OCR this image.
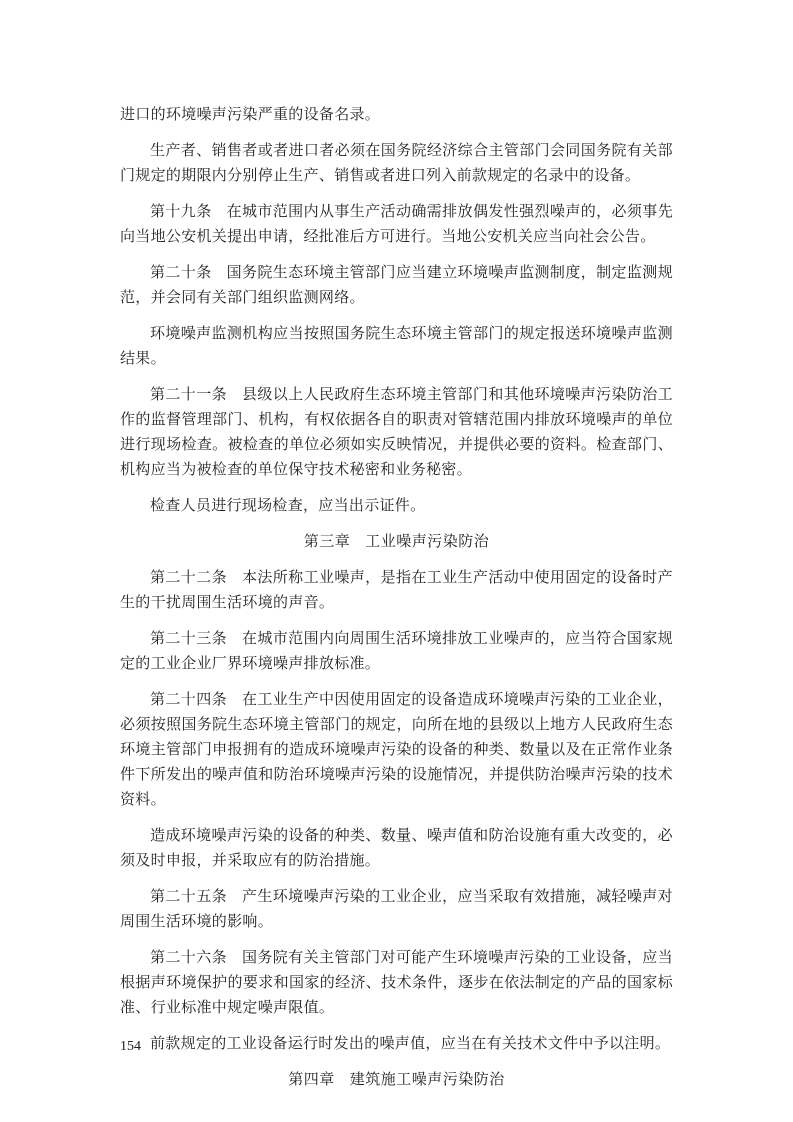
进口的环境噪声污染严重的设备名录。

生产者、销售者或者进口者必须在国务院经济综合主管部门会同国务院有关部门规定的期限内分别停止生产、销售或者进口列入前款规定的名录中的设备。

第十九条 在城市范围内从事生产活动确需排放偶发性强烈噪声的，必须事先向当地公安机关提出申请，经批准后方可进行。当地公安机关应当向社会公告。

第二十条 国务院生态环境主管部门应当建立环境噪声监测制度，制定监测规范，并会同有关部门组织监测网络。

环境噪声监测机构应当按照国务院生态环境主管部门的规定报送环境噪声监测结果。

第二十一条 县级以上人民政府生态环境主管部门和其他环境噪声污染防治工作的监督管理部门、机构，有权依据各自的职责对管辖范围内排放环境噪声的单位进行现场检查。被检查的单位必须如实反映情况，并提供必要的资料。检查部门、机构应当为被检查的单位保守技术秘密和业务秘密。

检查人员进行现场检查，应当出示证件。

第三章 工业噪声污染防治

第二十二条 本法所称工业噪声，是指在工业生产活动中使用固定的设备时产生的干扰周围生活环境的声音。

第二十三条 在城市范围内向周围生活环境排放工业噪声的，应当符合国家规定的工业企业厂界环境噪声排放标准。

第二十四条 在工业生产中因使用固定的设备造成环境噪声污染的工业企业，必须按照国务院生态环境主管部门的规定，向所在地的县级以上地方人民政府生态环境主管部门申报拥有的造成环境噪声污染的设备的种类、数量以及在正常作业条件下所发出的噪声值和防治环境噪声污染的设施情况，并提供防治噪声污染的技术资料。

造成环境噪声污染的设备的种类、数量、噪声值和防治设施有重大改变的，必须及时申报，并采取应有的防治措施。

第二十五条 产生环境噪声污染的工业企业，应当采取有效措施，减轻噪声对周围生活环境的影响。

第二十六条 国务院有关主管部门对可能产生环境噪声污染的工业设备，应当根据声环境保护的要求和国家的经济、技术条件，逐步在依法制定的产品的国家标准、行业标准中规定噪声限值。

前款规定的工业设备运行时发出的噪声值，应当在有关技术文件中予以注明。

第四章 建筑施工噪声污染防治
154
